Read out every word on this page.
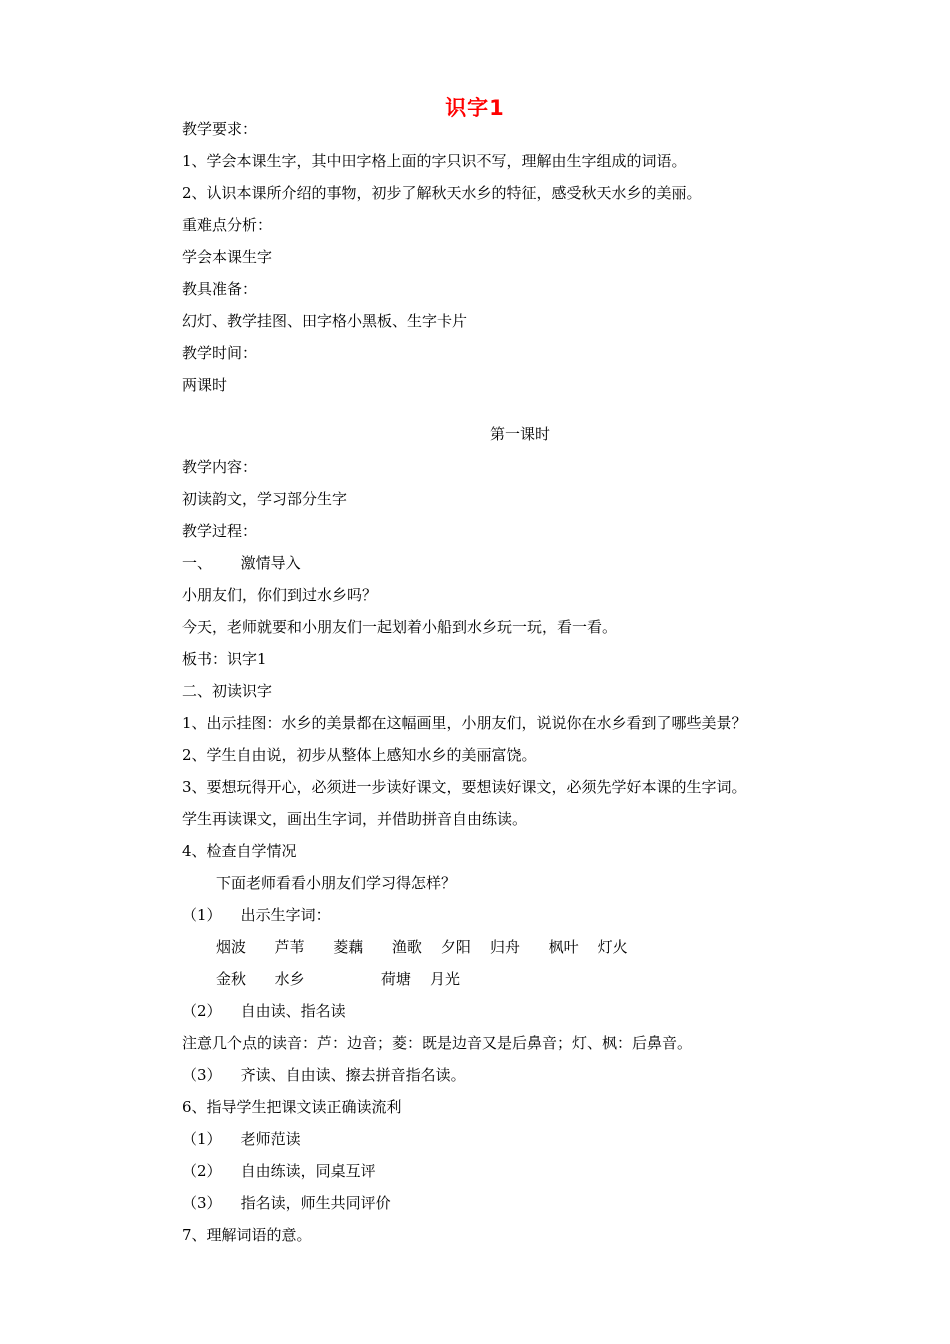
识字1
教学要求：
1、学会本课生字，其中田字格上面的字只识不写，理解由生字组成的词语。
2、认识本课所介绍的事物，初步了解秋天水乡的特征，感受秋天水乡的美丽。
重难点分析：
学会本课生字
教具准备：
幻灯、教学挂图、田字格小黑板、生字卡片
教学时间：
两课时
第一课时
教学内容：
初读韵文，学习部分生字
教学过程：
一、      激情导入
小朋友们，你们到过水乡吗？
今天，老师就要和小朋友们一起划着小船到水乡玩一玩，看一看。
板书：识字1
二、初读识字
1、出示挂图：水乡的美景都在这幅画里，小朋友们，说说你在水乡看到了哪些美景？
2、学生自由说，初步从整体上感知水乡的美丽富饶。
3、要想玩得开心，必须进一步读好课文，要想读好课文，必须先学好本课的生字词。
学生再读课文，画出生字词，并借助拼音自由练读。
4、检查自学情况
下面老师看看小朋友们学习得怎样？
（1）    出示生字词：
烟波      芦苇      菱藕      渔歌    夕阳    归舟      枫叶    灯火
金秋      水乡                荷塘    月光
（2）    自由读、指名读
注意几个点的读音：芦：边音；菱：既是边音又是后鼻音；灯、枫：后鼻音。
（3）    齐读、自由读、擦去拼音指名读。
6、指导学生把课文读正确读流利
（1）    老师范读
（2）    自由练读，同桌互评
（3）    指名读，师生共同评价
7、理解词语的意。
